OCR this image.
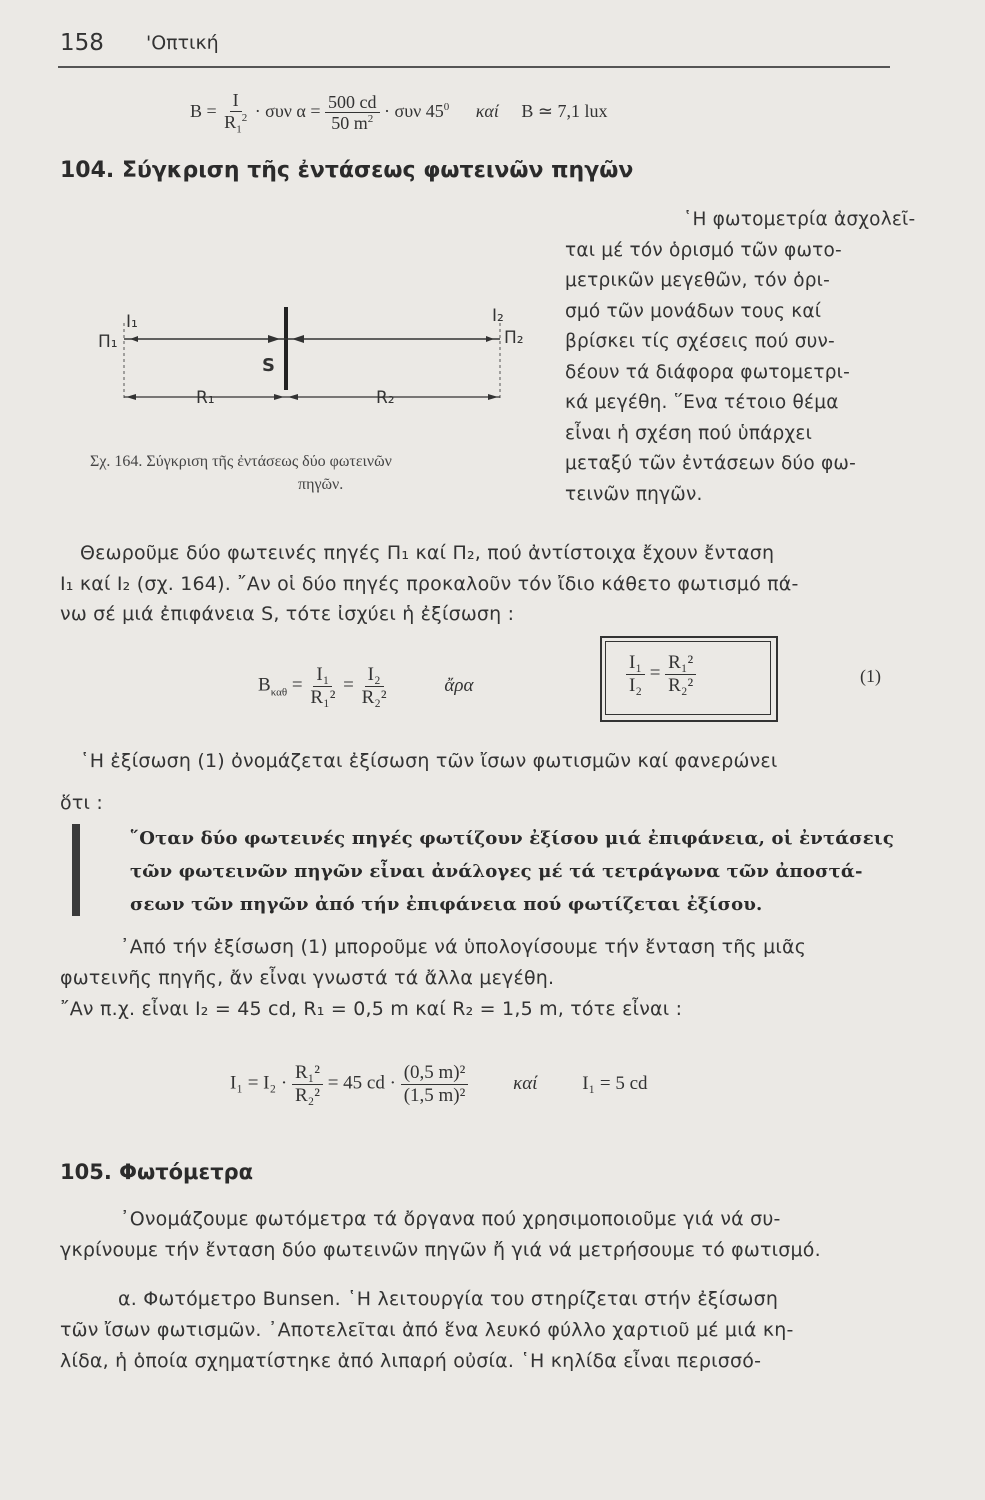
158 'Οπτική
$B = \frac{I}{R_1^2} \cdot \sigma\upsilon\nu$ $\alpha = \frac{500 cd}{50 m^2} \cdot \sigma\upsilon\nu$ $45^0$ καί B ≃ 7,1 lux
104. Σύγκριση τῆς ἐντάσεως φωτεινῶν πηγῶν
῾Η φωτομετρία ἀσχολεῖ-
ται μέ τόν ὁρισμό τῶν φωτο-
μετρικῶν μεγεθῶν, τόν ὁρι-
σμό τῶν μονάδων τους καί
βρίσκει τίς σχέσεις πού συν-
δέουν τά διάφορα φωτομετρι-
κά μεγέθη. ῞Ενα τέτοιο θέμα
εἶναι ἡ σχέση πού ὑπάρχει
μεταξύ τῶν ἐντάσεων δύο φω-
τεινῶν πηγῶν.
I₁
Π₁
I₂
Π₂
S
R₁	R₂
Σχ. 164. Σύγκριση τῆς ἐντάσεως δύο φωτεινῶν
πηγῶν.
Θεωροῦμε δύο φωτεινές πηγές Π₁ καί Π₂, πού ἀντίστοιχα ἔχουν ἔνταση
I₁ καί I₂ (σχ. 164). ῎Αν οἱ δύο πηγές προκαλοῦν τόν ἴδιο κάθετο φωτισμό πά-
νω σέ μιά ἐπιφάνεια S, τότε ἰσχύει ἡ ἐξίσωση :
$B_{\kappa\alpha\theta} = \frac{\text{I₁}}{\text{R₁²}} = \frac{\text{I₂}}{\text{R₂²}}$	ἄρα	$\frac{\text{I₁}}{\text{I₂}} = \frac{\text{R₁²}}{\text{R₂²}}$	(1)
῾Η ἐξίσωση (1) ὀνομάζεται ἐξίσωση τῶν ἴσων φωτισμῶν καί φανερώνει
ὅτι :
῞Οταν δύο φωτεινές πηγές φωτίζουν ἐξίσου μιά ἐπιφάνεια, οἱ ἐντάσεις
τῶν φωτεινῶν πηγῶν εἶναι ἀνάλογες μέ τά τετράγωνα τῶν ἀποστά-
σεων τῶν πηγῶν ἀπό τήν ἐπιφάνεια πού φωτίζεται ἐξίσου.
᾿Από τήν ἐξίσωση (1) μποροῦμε νά ὑπολογίσουμε τήν ἔνταση τῆς μιᾶς
φωτεινῆς πηγῆς, ἄν εἶναι γνωστά τά ἄλλα μεγέθη.
῎Αν π.χ. εἶναι I₂ = 45 cd, R₁ = 0,5 m καί R₂ = 1,5 m, τότε εἶναι :
$I_1 = I_2 \cdot \frac{\text{R₁²}}{\text{R₂²}} = 45$ cd · $\frac{\text{(0,5 m)²}}{\text{(1,5 m)²}}$ καί I₁ = 5 cd
105. Φωτόμετρα
᾿Ονομάζουμε φωτόμετρα τά ὄργανα πού χρησιμοποιοῦμε γιά νά συ-
γκρίνουμε τήν ἔνταση δύο φωτεινῶν πηγῶν ἤ γιά νά μετρήσουμε τό φωτισμό.
α. Φωτόμετρο Bunsen. ῾Η λειτουργία του στηρίζεται στήν ἐξίσωση
τῶν ἴσων φωτισμῶν. ᾿Αποτελεῖται ἀπό ἕνα λευκό φύλλο χαρτιοῦ μέ μιά κη-
λίδα, ἡ ὁποία σχηματίστηκε ἀπό λιπαρή οὐσία. ῾Η κηλίδα εἶναι περισσό-
